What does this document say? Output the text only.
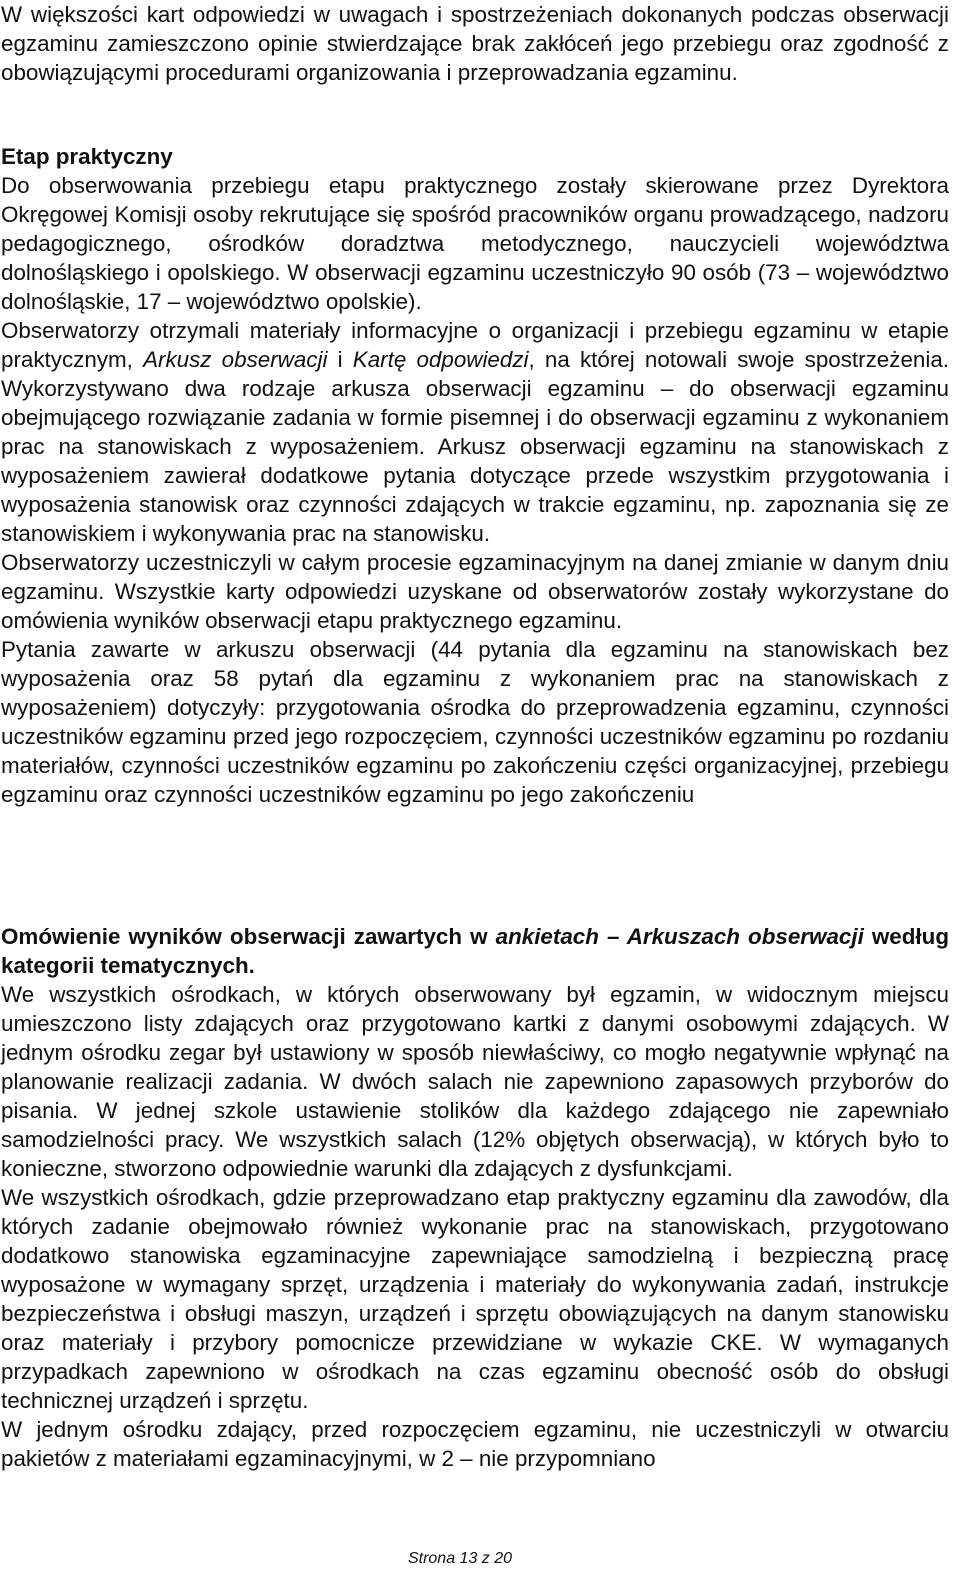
W większości kart odpowiedzi w uwagach i spostrzeżeniach dokonanych podczas obserwacji egzaminu zamieszczono opinie stwierdzające brak zakłóceń jego przebiegu oraz zgodność z obowiązującymi procedurami organizowania i przeprowadzania egzaminu.

Etap praktyczny

Do obserwowania przebiegu etapu praktycznego zostały skierowane przez Dyrektora Okręgowej Komisji osoby rekrutujące się spośród pracowników organu prowadzącego, nadzoru pedagogicznego, ośrodków doradztwa metodycznego, nauczycieli województwa dolnośląskiego i opolskiego. W obserwacji egzaminu uczestniczyło 90 osób (73 – województwo dolnośląskie, 17 – województwo opolskie).

Obserwatorzy otrzymali materiały informacyjne o organizacji i przebiegu egzaminu w etapie praktycznym, Arkusz obserwacji i Kartę odpowiedzi, na której notowali swoje spostrzeżenia. Wykorzystywano dwa rodzaje arkusza obserwacji egzaminu – do obserwacji egzaminu obejmującego rozwiązanie zadania w formie pisemnej i do obserwacji egzaminu z wykonaniem prac na stanowiskach z wyposażeniem. Arkusz obserwacji egzaminu na stanowiskach z wyposażeniem zawierał dodatkowe pytania dotyczące przede wszystkim przygotowania i wyposażenia stanowisk oraz czynności zdających w trakcie egzaminu, np. zapoznania się ze stanowiskiem i wykonywania prac na stanowisku.

Obserwatorzy uczestniczyli w całym procesie egzaminacyjnym na danej zmianie w danym dniu egzaminu. Wszystkie karty odpowiedzi uzyskane od obserwatorów zostały wykorzystane do omówienia wyników obserwacji etapu praktycznego egzaminu.

Pytania zawarte w arkuszu obserwacji (44 pytania dla egzaminu na stanowiskach bez wyposażenia oraz 58 pytań dla egzaminu z wykonaniem prac na stanowiskach z wyposażeniem) dotyczyły: przygotowania ośrodka do przeprowadzenia egzaminu, czynności uczestników egzaminu przed jego rozpoczęciem, czynności uczestników egzaminu po rozdaniu materiałów, czynności uczestników egzaminu po zakończeniu części organizacyjnej, przebiegu egzaminu oraz czynności uczestników egzaminu po jego zakończeniu

Omówienie wyników obserwacji zawartych w ankietach – Arkuszach obserwacji według kategorii tematycznych.

We wszystkich ośrodkach, w których obserwowany był egzamin, w widocznym miejscu umieszczono listy zdających oraz przygotowano kartki z danymi osobowymi zdających. W jednym ośrodku zegar był ustawiony w sposób niewłaściwy, co mogło negatywnie wpłynąć na planowanie realizacji zadania. W dwóch salach nie zapewniono zapasowych przyborów do pisania. W jednej szkole ustawienie stolików dla każdego zdającego nie zapewniało samodzielności pracy. We wszystkich salach (12% objętych obserwacją), w których było to konieczne, stworzono odpowiednie warunki dla zdających z dysfunkcjami.

We wszystkich ośrodkach, gdzie przeprowadzano etap praktyczny egzaminu dla zawodów, dla których zadanie obejmowało również wykonanie prac na stanowiskach, przygotowano dodatkowo stanowiska egzaminacyjne zapewniające samodzielną i bezpieczną pracę wyposażone w wymagany sprzęt, urządzenia i materiały do wykonywania zadań, instrukcje bezpieczeństwa i obsługi maszyn, urządzeń i sprzętu obowiązujących na danym stanowisku oraz materiały i przybory pomocnicze przewidziane w wykazie CKE. W wymaganych przypadkach zapewniono w ośrodkach na czas egzaminu obecność osób do obsługi technicznej urządzeń i sprzętu.

W jednym ośrodku zdający, przed rozpoczęciem egzaminu, nie uczestniczyli w otwarciu pakietów z materiałami egzaminacyjnymi, w 2 – nie przypomniano

Strona 13 z 20
